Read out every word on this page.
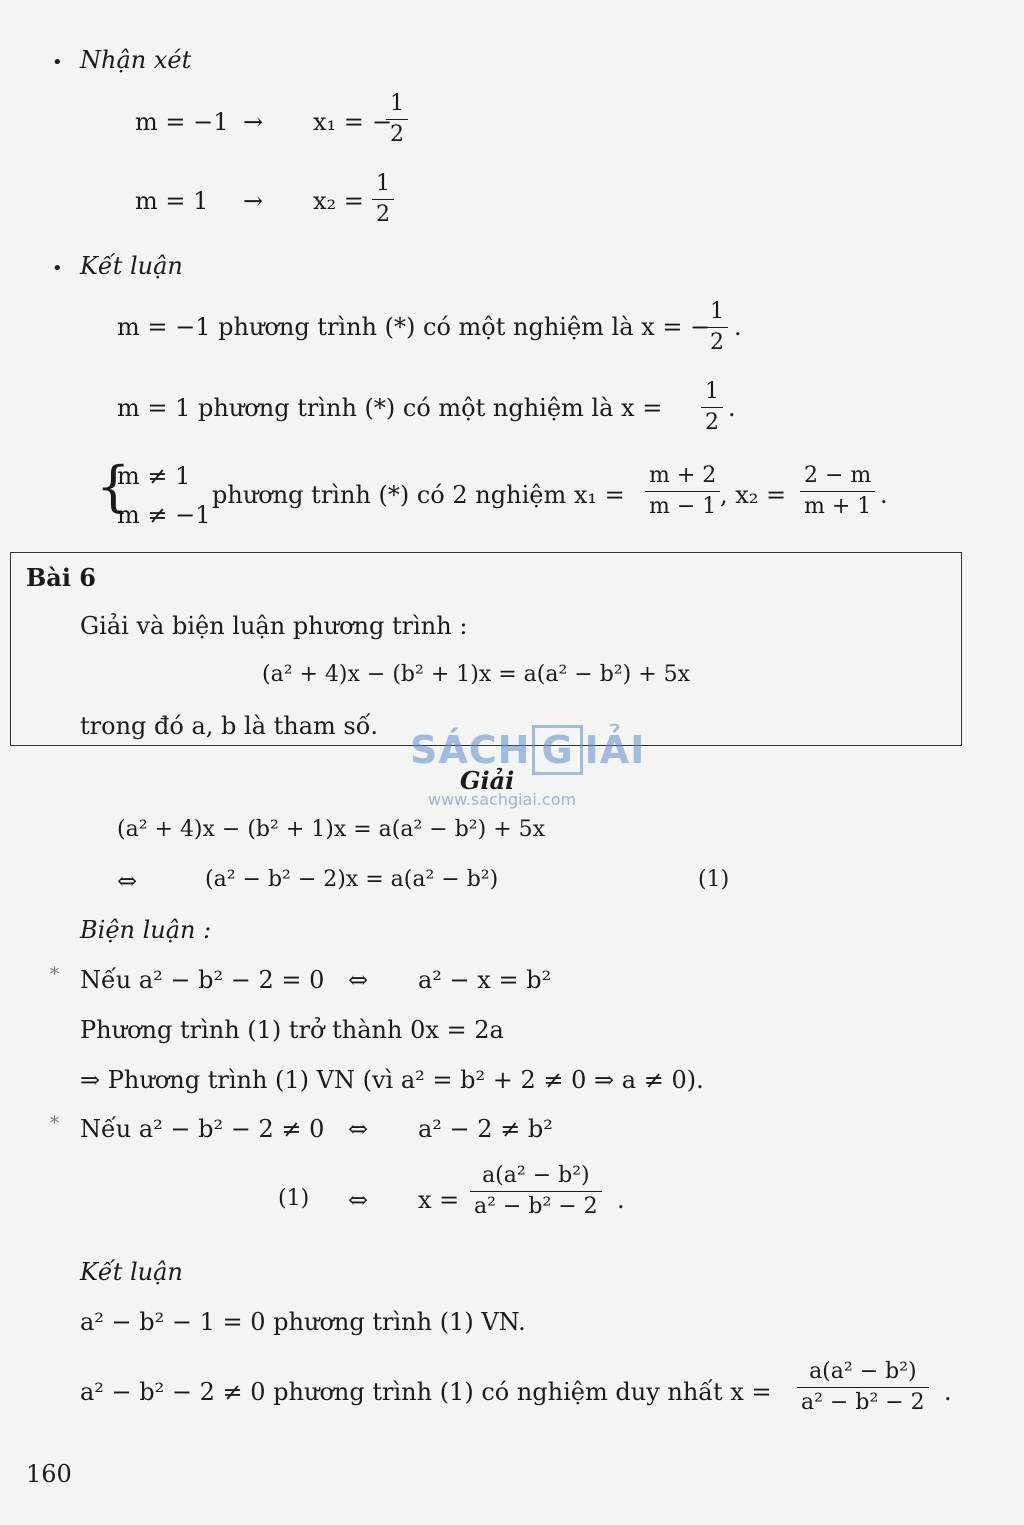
• Nhận xét
m = −1 → x₁ = −
$\frac{1}{2}$
$m = 1 \to x_2 = \frac{1}{2}$
• Kết luận
m = −1 phương trình (*) có một nghiệm là x = −
$\frac{1}{2}$ .
m = 1 phương trình (*) có một nghiệm là $x = \frac{1}{2}$ .
{
m ≠ 1
m ≠ −1
phương trình (*) có 2 nghiệm $x_1 = \frac{m + 2}{m - 1}$ , $x_2 = \frac{2 - m}{m + 1}$ .
Bài 6
Giải và biện luận phương trình :
(a² + 4)x − (b² + 1)x = a(a² − b²) + 5x
trong đó a, b là tham số.
SÁCH G IẢI
www.sachgiai.com
Giải
(a² + 4)x − (b² + 1)x = a(a² − b²) + 5x
⇔	(a² − b² − 2)x = a(a² − b²)	(1)
Biện luận :
* Nếu a² − b² − 2 = 0 ⇔ a² − x = b²
Phương trình (1) trở thành 0x = 2a
⇒ Phương trình (1) VN (vì a² = b² + 2 ≠ 0 ⇒ a ≠ 0).
* Nếu a² − b² − 2 ≠ 0 ⇔ a² − 2 ≠ b²
(1) ⇔ $x = \frac{\text{a(a² − b²)}}{\text{a² − b² − 2}}$ .
Kết luận
a² − b² − 1 = 0 phương trình (1) VN.
a² − b² − 2 ≠ 0 phương trình (1) có nghiệm duy nhất $x = \frac{\text{a(a² − b²)}}{\text{a² − b² − 2}}$ .
160
